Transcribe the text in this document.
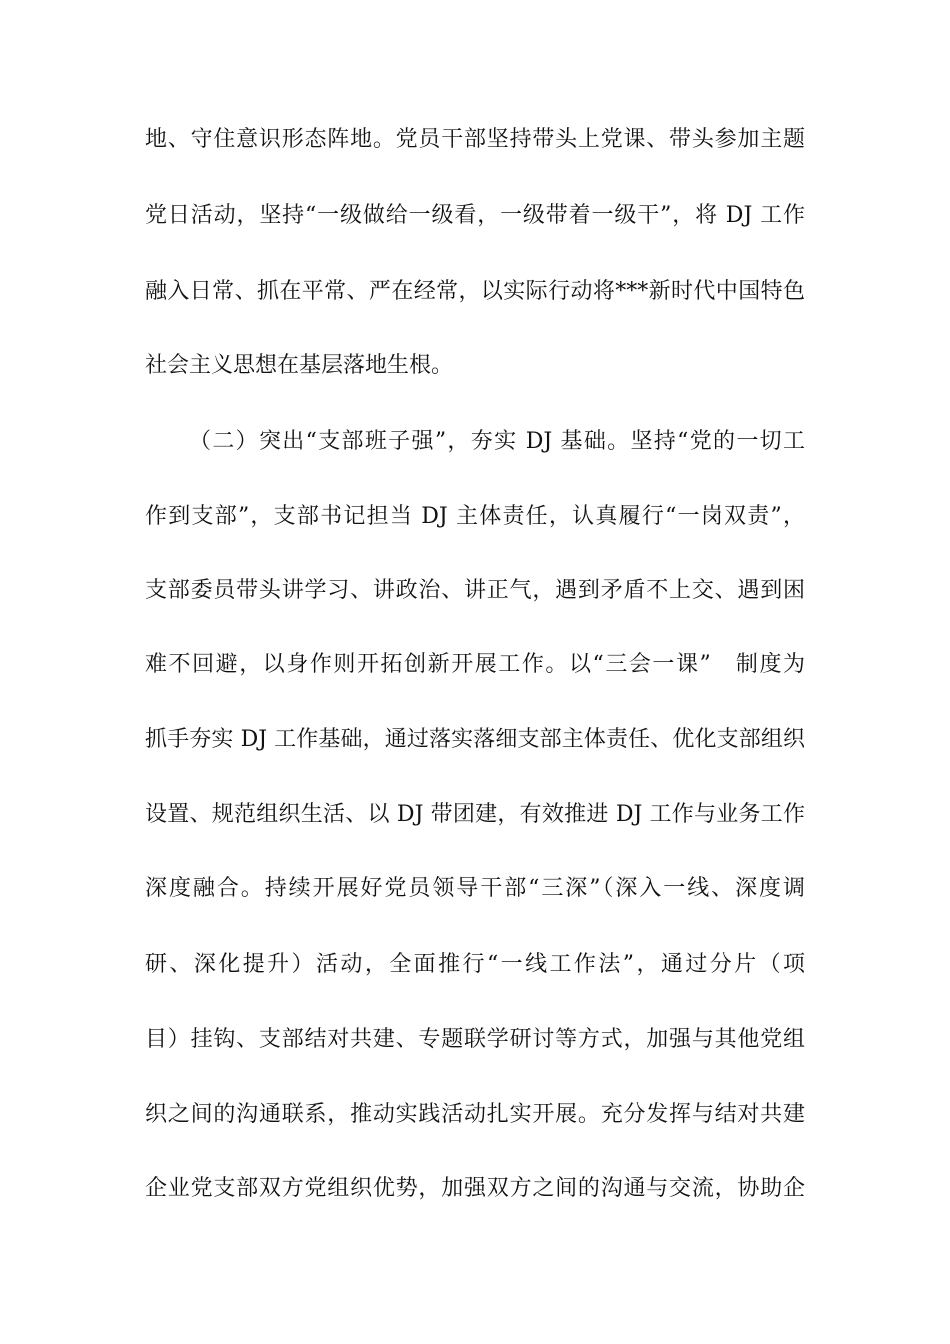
地、守住意识形态阵地。党员干部坚持带头上党课、带头参加主题
党日活动，坚持“一级做给一级看，一级带着一级干”，将 DJ 工作
融入日常、抓在平常、严在经常，以实际行动将***新时代中国特色
社会主义思想在基层落地生根。
（二）突出“支部班子强”，夯实 DJ 基础。坚持“党的一切工
作到支部”，支部书记担当 DJ 主体责任，认真履行“一岗双责”，
支部委员带头讲学习、讲政治、讲正气，遇到矛盾不上交、遇到困
难不回避，以身作则开拓创新开展工作。以“三会一课”　制度为
抓手夯实 DJ 工作基础，通过落实落细支部主体责任、优化支部组织
设置、规范组织生活、以 DJ 带团建，有效推进 DJ 工作与业务工作
深度融合。持续开展好党员领导干部“三深”（深入一线、深度调
研、深化提升）活动，全面推行“一线工作法”，通过分片（项
目）挂钩、支部结对共建、专题联学研讨等方式，加强与其他党组
织之间的沟通联系，推动实践活动扎实开展。充分发挥与结对共建
企业党支部双方党组织优势，加强双方之间的沟通与交流，协助企
